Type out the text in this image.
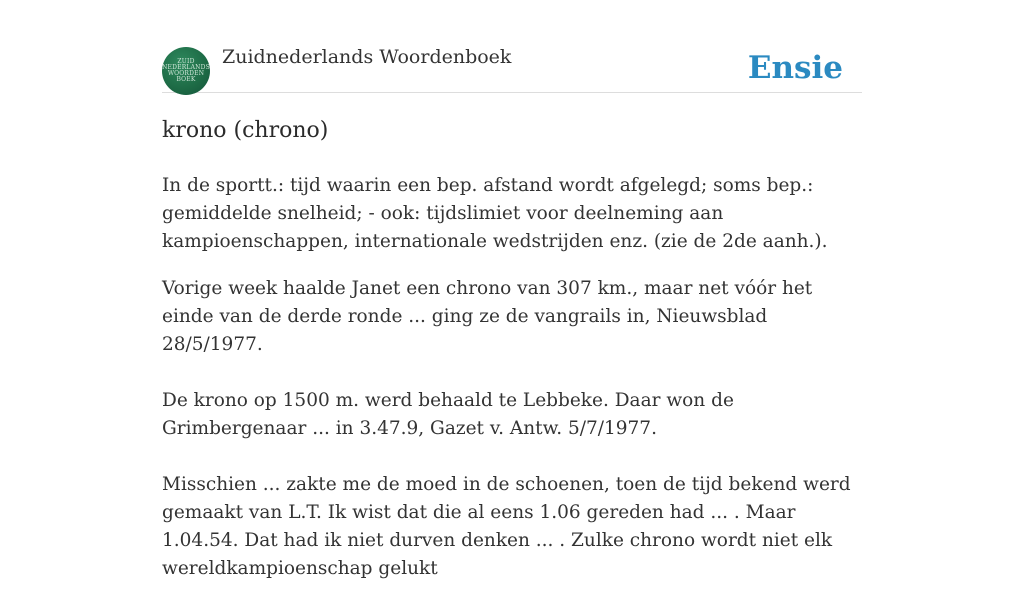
ZUID
NEDERLANDS
WOORDEN
BOEK
Zuidnederlands Woordenboek	Ensie
krono (chrono)

In de sportt.: tijd waarin een bep. afstand wordt afgelegd; soms bep.: gemiddelde snelheid; - ook: tijdslimiet voor deelneming aan kampioenschappen, internationale wedstrijden enz. (zie de 2de aanh.).

Vorige week haalde Janet een chrono van 307 km., maar net vóór het einde van de derde ronde ... ging ze de vangrails in, Nieuwsblad 28/5/1977.

De krono op 1500 m. werd behaald te Lebbeke. Daar won de Grimbergenaar ... in 3.47.9, Gazet v. Antw. 5/7/1977.

Misschien ... zakte me de moed in de schoenen, toen de tijd bekend werd gemaakt van L.T. Ik wist dat die al eens 1.06 gereden had ... . Maar 1.04.54. Dat had ik niet durven denken ... . Zulke chrono wordt niet elk wereldkampioenschap gelukt
